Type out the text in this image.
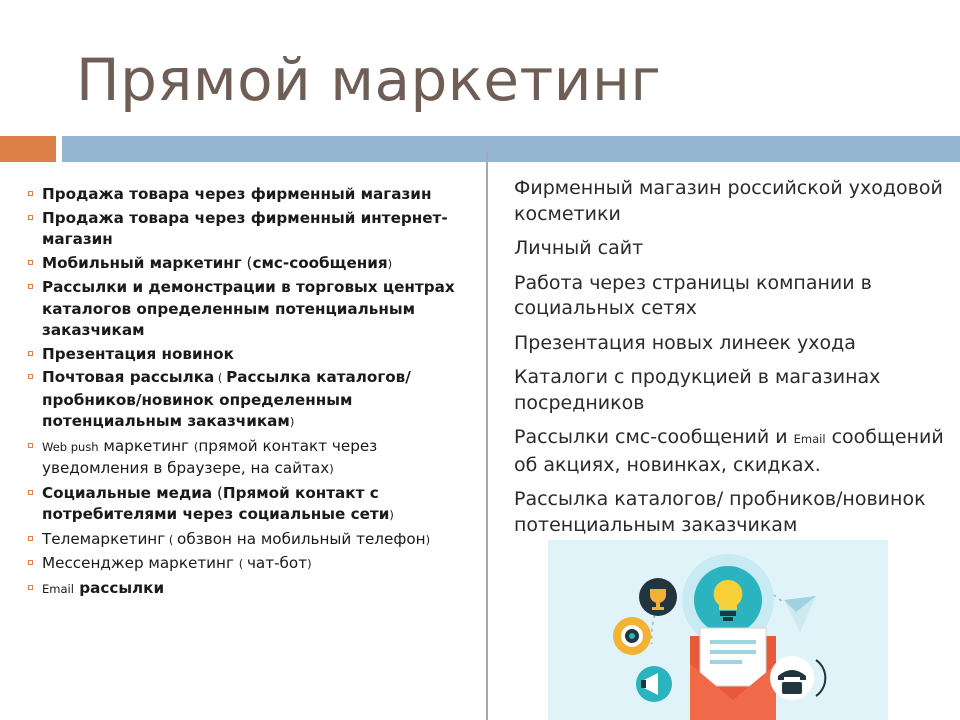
Прямой маркетинг
Продажа товара через фирменный магазин
Продажа товара через фирменный интернет-магазин
Мобильный маркетинг (смс-сообщения)
Рассылки и демонстрации в торговых центрах каталогов определенным потенциальным заказчикам
Презентация новинок
Почтовая рассылка ( Рассылка каталогов/ пробников/новинок определенным потенциальным заказчикам)
Web push маркетинг (прямой контакт через уведомления в браузере, на сайтах)
Социальные медиа (Прямой контакт с потребителями через социальные сети)
Телемаркетинг ( обзвон на мобильный телефон)
Мессенджер маркетинг ( чат-бот)
Email рассылки

Фирменный магазин российской уходовой косметики

Личный сайт

Работа через страницы компании в социальных сетях

Презентация новых линеек ухода

Каталоги с продукцией в магазинах посредников

Рассылки смс-сообщений и Email сообщений об акциях, новинках, скидках.

Рассылка каталогов/ пробников/новинок потенциальным заказчикам
